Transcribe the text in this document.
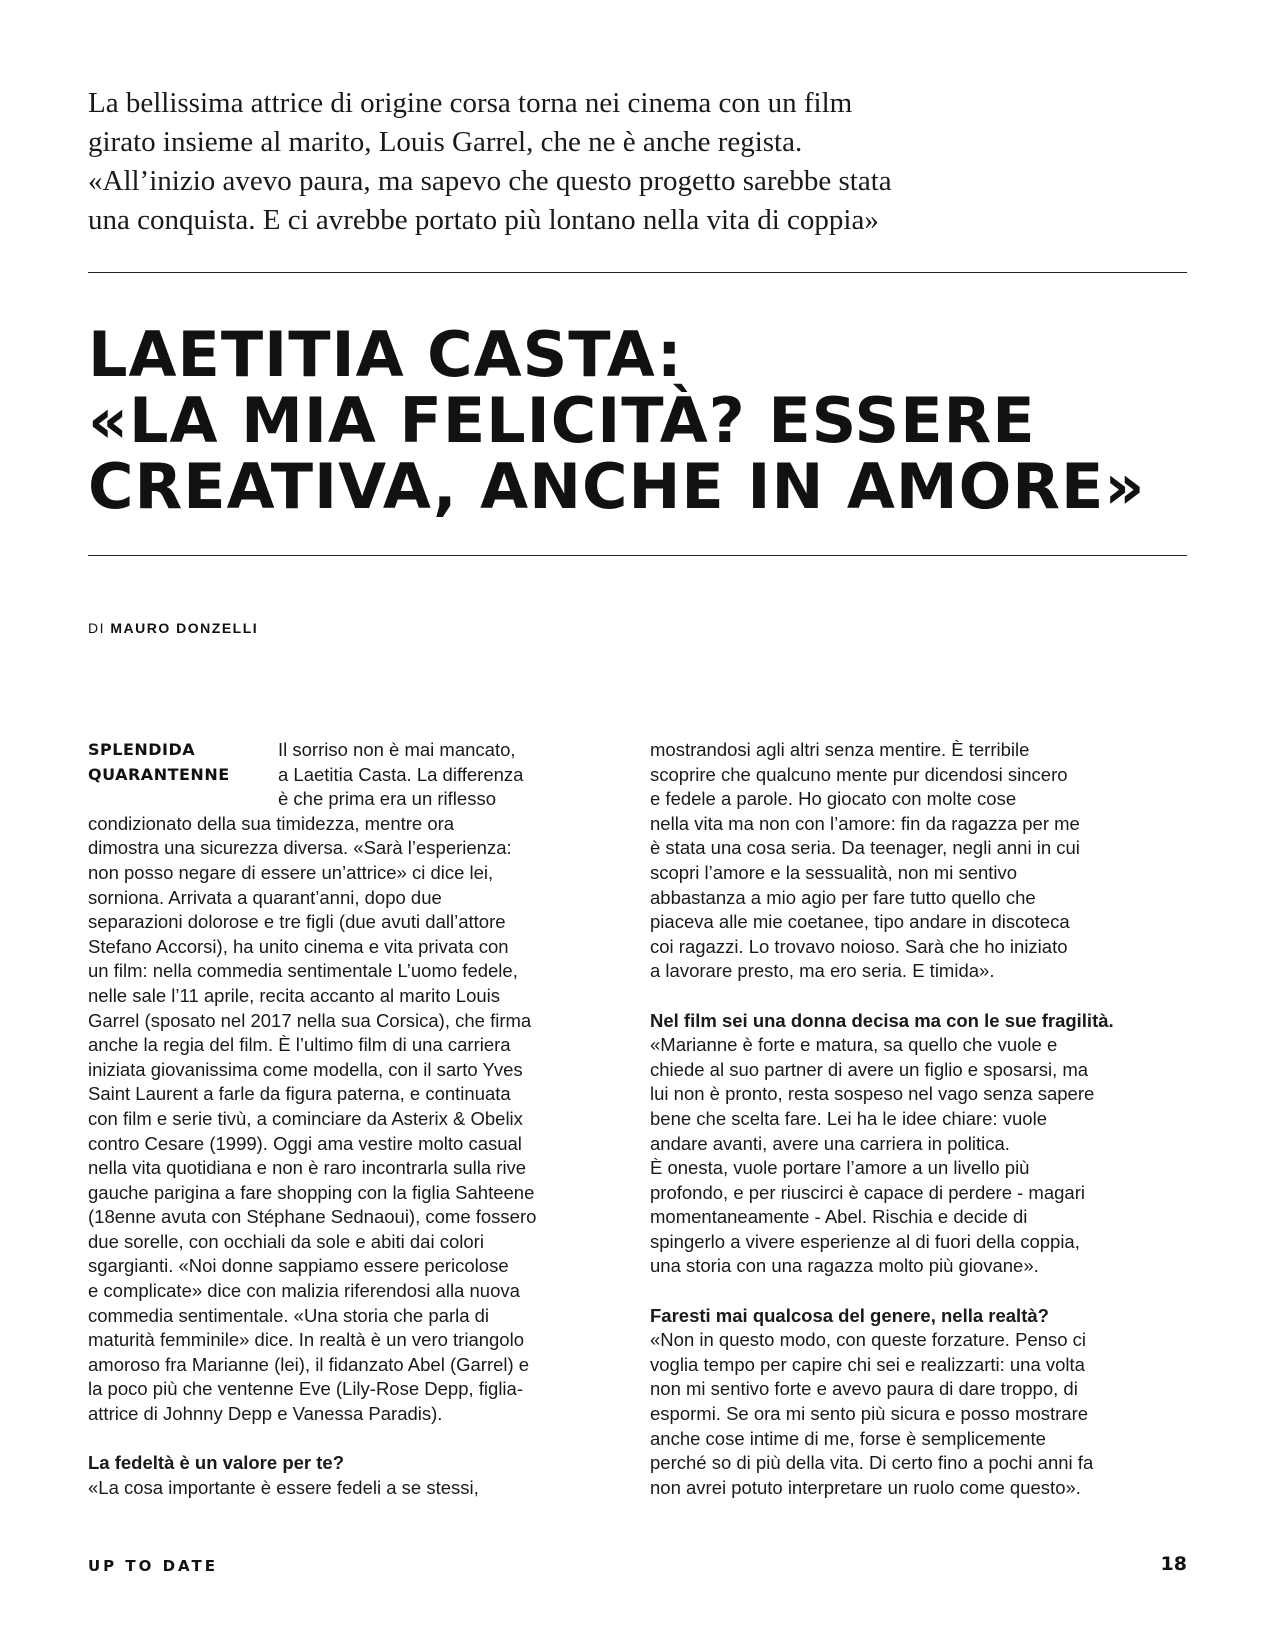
La bellissima attrice di origine corsa torna nei cinema con un film
girato insieme al marito, Louis Garrel, che ne è anche regista.
«All’inizio avevo paura, ma sapevo che questo progetto sarebbe stata
una conquista. E ci avrebbe portato più lontano nella vita di coppia»
LAETITIA CASTA:
«LA MIA FELICITÀ? ESSERE
CREATIVA, ANCHE IN AMORE»
DI MAURO DONZELLI
SPLENDIDA
QUARANTENNE

Il sorriso non è mai mancato,
a Laetitia Casta. La differenza
è che prima era un riflesso
condizionato della sua timidezza, mentre ora
dimostra una sicurezza diversa. «Sarà l’esperienza:
non posso negare di essere un’attrice» ci dice lei,
sorniona. Arrivata a quarant’anni, dopo due
separazioni dolorose e tre figli (due avuti dall’attore
Stefano Accorsi), ha unito cinema e vita privata con
un film: nella commedia sentimentale L’uomo fedele,
nelle sale l’11 aprile, recita accanto al marito Louis
Garrel (sposato nel 2017 nella sua Corsica), che firma
anche la regia del film. È l’ultimo film di una carriera
iniziata giovanissima come modella, con il sarto Yves
Saint Laurent a farle da figura paterna, e continuata
con film e serie tivù, a cominciare da Asterix & Obelix
contro Cesare (1999). Oggi ama vestire molto casual
nella vita quotidiana e non è raro incontrarla sulla rive
gauche parigina a fare shopping con la figlia Sahteene
(18enne avuta con Stéphane Sednaoui), come fossero
due sorelle, con occhiali da sole e abiti dai colori
sgargianti. «Noi donne sappiamo essere pericolose
e complicate» dice con malizia riferendosi alla nuova
commedia sentimentale. «Una storia che parla di
maturità femminile» dice. In realtà è un vero triangolo
amoroso fra Marianne (lei), il fidanzato Abel (Garrel) e
la poco più che ventenne Eve (Lily-Rose Depp, figlia-
attrice di Johnny Depp e Vanessa Paradis).

La fedeltà è un valore per te?
«La cosa importante è essere fedeli a se stessi,

mostrandosi agli altri senza mentire. È terribile
scoprire che qualcuno mente pur dicendosi sincero
e fedele a parole. Ho giocato con molte cose
nella vita ma non con l’amore: fin da ragazza per me
è stata una cosa seria. Da teenager, negli anni in cui
scopri l’amore e la sessualità, non mi sentivo
abbastanza a mio agio per fare tutto quello che
piaceva alle mie coetanee, tipo andare in discoteca
coi ragazzi. Lo trovavo noioso. Sarà che ho iniziato
a lavorare presto, ma ero seria. E timida».

Nel film sei una donna decisa ma con le sue fragilità.

«Marianne è forte e matura, sa quello che vuole e
chiede al suo partner di avere un figlio e sposarsi, ma
lui non è pronto, resta sospeso nel vago senza sapere
bene che scelta fare. Lei ha le idee chiare: vuole
andare avanti, avere una carriera in politica.
È onesta, vuole portare l’amore a un livello più
profondo, e per riuscirci è capace di perdere - magari
momentaneamente - Abel. Rischia e decide di
spingerlo a vivere esperienze al di fuori della coppia,
una storia con una ragazza molto più giovane».

Faresti mai qualcosa del genere, nella realtà?

«Non in questo modo, con queste forzature. Penso ci
voglia tempo per capire chi sei e realizzarti: una volta
non mi sentivo forte e avevo paura di dare troppo, di
espormi. Se ora mi sento più sicura e posso mostrare
anche cose intime di me, forse è semplicemente
perché so di più della vita. Di certo fino a pochi anni fa
non avrei potuto interpretare un ruolo come questo».

UP TO DATE	18
